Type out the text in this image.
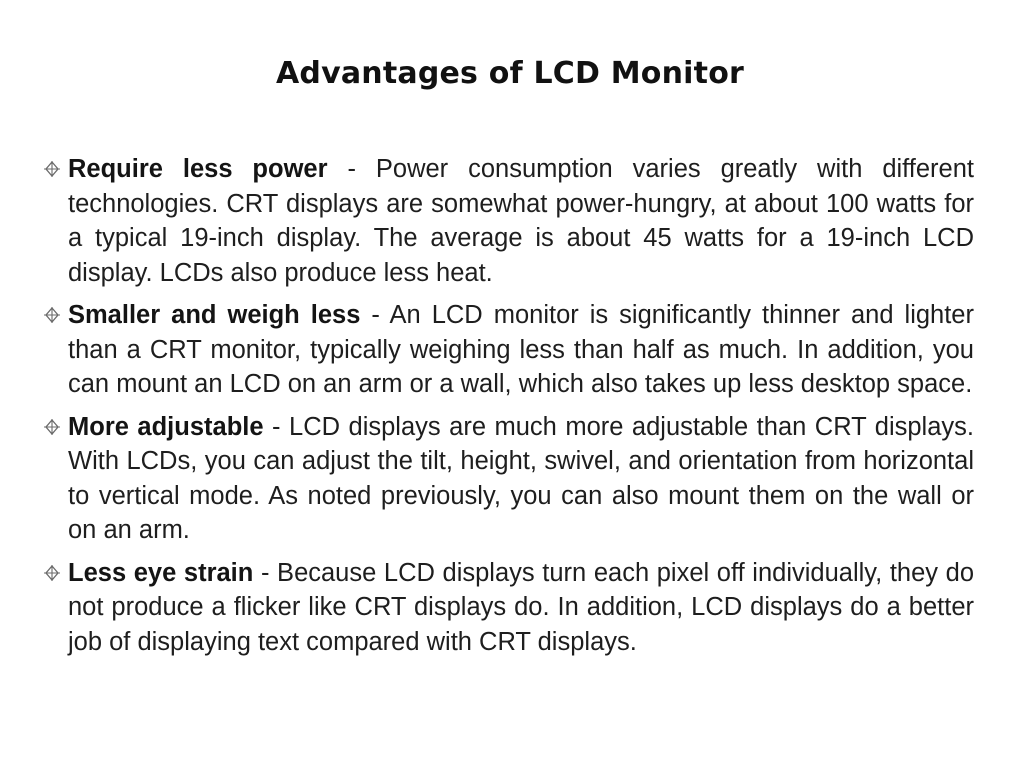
Advantages of LCD Monitor
Require less power - Power consumption varies greatly with different technologies. CRT displays are somewhat power-hungry, at about 100 watts for a typical 19-inch display. The average is about 45 watts for a 19-inch LCD display. LCDs also produce less heat.
Smaller and weigh less - An LCD monitor is significantly thinner and lighter than a CRT monitor, typically weighing less than half as much. In addition, you can mount an LCD on an arm or a wall, which also takes up less desktop space.
More adjustable - LCD displays are much more adjustable than CRT displays. With LCDs, you can adjust the tilt, height, swivel, and orientation from horizontal to vertical mode. As noted previously, you can also mount them on the wall or on an arm.
Less eye strain - Because LCD displays turn each pixel off individually, they do not produce a flicker like CRT displays do. In addition, LCD displays do a better job of displaying text compared with CRT displays.
